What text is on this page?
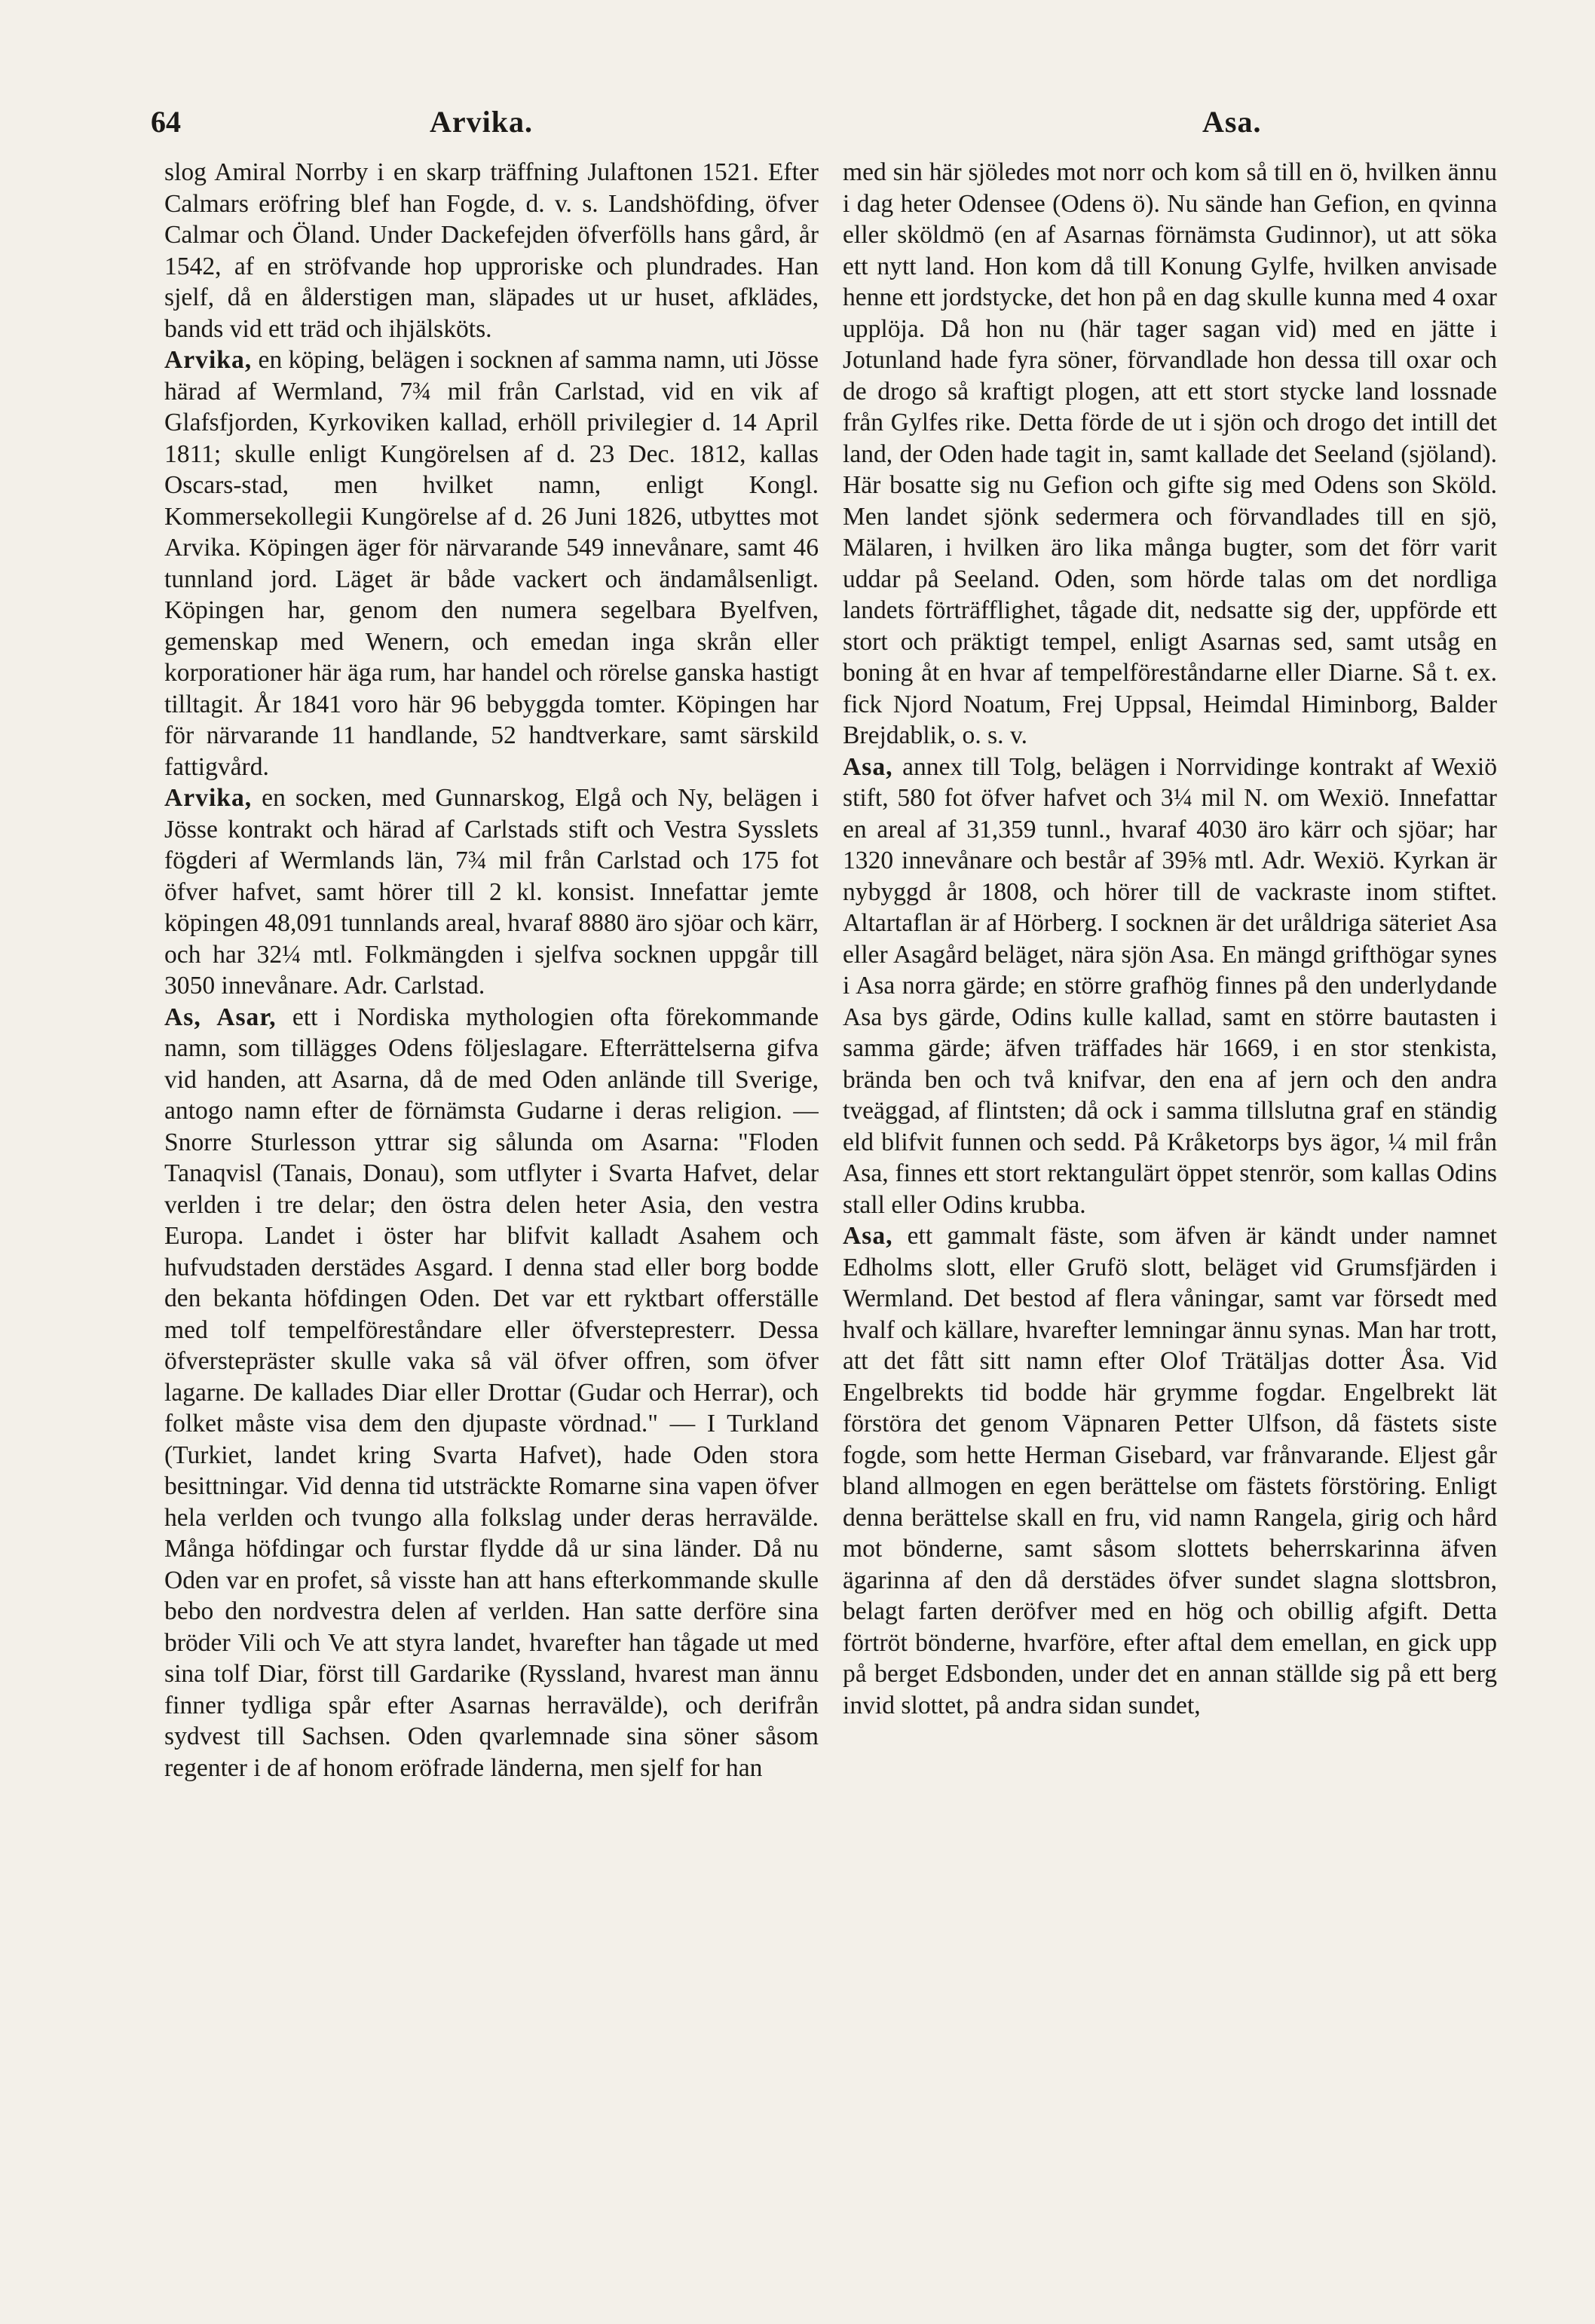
64	Arvika.	Asa.

slog Amiral Norrby i en skarp träffning Julaftonen 1521. Efter Calmars eröfring blef han Fogde, d. v. s. Landshöfding, öfver Calmar och Öland. Under Dackefejden öfverfölls hans gård, år 1542, af en ströfvande hop upproriske och plundrades. Han sjelf, då en ålderstigen man, släpades ut ur huset, afklädes, bands vid ett träd och ihjälsköts.

Arvika, en köping, belägen i socknen af samma namn, uti Jösse härad af Wermland, 7¾ mil från Carlstad, vid en vik af Glafsfjorden, Kyrkoviken kallad, erhöll privilegier d. 14 April 1811; skulle enligt Kungörelsen af d. 23 Dec. 1812, kallas Oscars-stad, men hvilket namn, enligt Kongl. Kommersekollegii Kungörelse af d. 26 Juni 1826, utbyttes mot Arvika. Köpingen äger för närvarande 549 innevånare, samt 46 tunnland jord. Läget är både vackert och ändamålsenligt. Köpingen har, genom den numera segelbara Byelfven, gemenskap med Wenern, och emedan inga skrån eller korporationer här äga rum, har handel och rörelse ganska hastigt tilltagit. År 1841 voro här 96 bebyggda tomter. Köpingen har för närvarande 11 handlande, 52 handtverkare, samt särskild fattigvård.

Arvika, en socken, med Gunnarskog, Elgå och Ny, belägen i Jösse kontrakt och härad af Carlstads stift och Vestra Sysslets fögderi af Wermlands län, 7¾ mil från Carlstad och 175 fot öfver hafvet, samt hörer till 2 kl. konsist. Innefattar jemte köpingen 48,091 tunnlands areal, hvaraf 8880 äro sjöar och kärr, och har 32¼ mtl. Folkmängden i sjelfva socknen uppgår till 3050 innevånare. Adr. Carlstad.

As, Asar, ett i Nordiska mythologien ofta förekommande namn, som tillägges Odens följeslagare. Efterrättelserna gifva vid handen, att Asarna, då de med Oden anlände till Sverige, antogo namn efter de förnämsta Gudarne i deras religion. — Snorre Sturlesson yttrar sig sålunda om Asarna: "Floden Tanaqvisl (Tanais, Donau), som utflyter i Svarta Hafvet, delar verlden i tre delar; den östra delen heter Asia, den vestra Europa. Landet i öster har blifvit kalladt Asahem och hufvudstaden derstädes Asgard. I denna stad eller borg bodde den bekanta höfdingen Oden. Det var ett ryktbart offerställe med tolf tempelföreståndare eller öfverstepresterr. Dessa öfverstepräster skulle vaka så väl öfver offren, som öfver lagarne. De kallades Diar eller Drottar (Gudar och Herrar), och folket måste visa dem den djupaste vördnad." — I Turkland (Turkiet, landet kring Svarta Hafvet), hade Oden stora besittningar. Vid denna tid utsträckte Romarne sina vapen öfver hela verlden och tvungo alla folkslag under deras herravälde. Många höfdingar och furstar flydde då ur sina länder. Då nu Oden var en profet, så visste han att hans efterkommande skulle bebo den nordvestra delen af verlden. Han satte derföre sina bröder Vili och Ve att styra landet, hvarefter han tågade ut med sina tolf Diar, först till Gardarike (Ryssland, hvarest man ännu finner tydliga spår efter Asarnas herravälde), och derifrån sydvest till Sachsen. Oden qvarlemnade sina söner såsom regenter i de af honom eröfrade länderna, men sjelf for han

med sin här sjöledes mot norr och kom så till en ö, hvilken ännu i dag heter Odensee (Odens ö). Nu sände han Gefion, en qvinna eller sköldmö (en af Asarnas förnämsta Gudinnor), ut att söka ett nytt land. Hon kom då till Konung Gylfe, hvilken anvisade henne ett jordstycke, det hon på en dag skulle kunna med 4 oxar upplöja. Då hon nu (här tager sagan vid) med en jätte i Jotunland hade fyra söner, förvandlade hon dessa till oxar och de drogo så kraftigt plogen, att ett stort stycke land lossnade från Gylfes rike. Detta förde de ut i sjön och drogo det intill det land, der Oden hade tagit in, samt kallade det Seeland (sjöland). Här bosatte sig nu Gefion och gifte sig med Odens son Sköld. Men landet sjönk sedermera och förvandlades till en sjö, Mälaren, i hvilken äro lika många bugter, som det förr varit uddar på Seeland. Oden, som hörde talas om det nordliga landets förträfflighet, tågade dit, nedsatte sig der, uppförde ett stort och präktigt tempel, enligt Asarnas sed, samt utsåg en boning åt en hvar af tempelföreståndarne eller Diarne. Så t. ex. fick Njord Noatum, Frej Uppsal, Heimdal Himinborg, Balder Brejdablik, o. s. v.

Asa, annex till Tolg, belägen i Norrvidinge kontrakt af Wexiö stift, 580 fot öfver hafvet och 3¼ mil N. om Wexiö. Innefattar en areal af 31,359 tunnl., hvaraf 4030 äro kärr och sjöar; har 1320 innevånare och består af 39⅝ mtl. Adr. Wexiö. Kyrkan är nybyggd år 1808, och hörer till de vackraste inom stiftet. Altartaflan är af Hörberg. I socknen är det uråldriga säteriet Asa eller Asagård beläget, nära sjön Asa. En mängd grifthögar synes i Asa norra gärde; en större grafhög finnes på den underlydande Asa bys gärde, Odins kulle kallad, samt en större bautasten i samma gärde; äfven träffades här 1669, i en stor stenkista, brända ben och två knifvar, den ena af jern och den andra tveäggad, af flintsten; då ock i samma tillslutna graf en ständig eld blifvit funnen och sedd. På Kråketorps bys ägor, ¼ mil från Asa, finnes ett stort rektangulärt öppet stenrör, som kallas Odins stall eller Odins krubba.

Asa, ett gammalt fäste, som äfven är kändt under namnet Edholms slott, eller Grufö slott, beläget vid Grumsfjärden i Wermland. Det bestod af flera våningar, samt var försedt med hvalf och källare, hvarefter lemningar ännu synas. Man har trott, att det fått sitt namn efter Olof Trätäljas dotter Åsa. Vid Engelbrekts tid bodde här grymme fogdar. Engelbrekt lät förstöra det genom Väpnaren Petter Ulfson, då fästets siste fogde, som hette Herman Gisebard, var frånvarande. Eljest går bland allmogen en egen berättelse om fästets förstöring. Enligt denna berättelse skall en fru, vid namn Rangela, girig och hård mot bönderne, samt såsom slottets beherrskarinna äfven ägarinna af den då derstädes öfver sundet slagna slottsbron, belagt farten deröfver med en hög och obillig afgift. Detta förtröt bönderne, hvarföre, efter aftal dem emellan, en gick upp på berget Edsbonden, under det en annan ställde sig på ett berg invid slottet, på andra sidan sundet,
